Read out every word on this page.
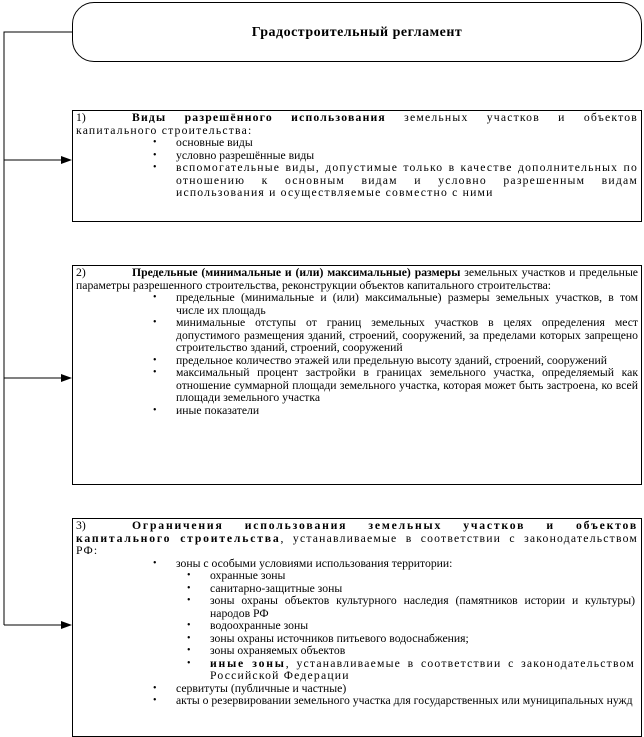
Градостроительный регламент

1)	Виды разрешённого использования земельных участков и объектов капитального строительства:

• основные виды
• условно разрешённые виды
• вспомогательные виды, допустимые только в качестве дополнительных по отношению к основным видам и условно разрешенным видам использования и осуществляемые совместно с ними

2)	Предельные (минимальные и (или) максимальные) размеры земельных участков и предельные параметры разрешенного строительства, реконструкции объектов капитального строительства:

• предельные (минимальные и (или) максимальные) размеры земельных участков, в том числе их площадь
• минимальные отступы от границ земельных участков в целях определения мест допустимого размещения зданий, строений, сооружений, за пределами которых запрещено строительство зданий, строений, сооружений
• предельное количество этажей или предельную высоту зданий, строений, сооружений
• максимальный процент застройки в границах земельного участка, определяемый как отношение суммарной площади земельного участка, которая может быть застроена, ко всей площади земельного участка
• иные показатели

3)	Ограничения использования земельных участков и объектов капитального строительства, устанавливаемые в соответствии с законодательством РФ:

• зоны с особыми условиями использования территории:
• охранные зоны
• санитарно-защитные зоны
• зоны охраны объектов культурного наследия (памятников истории и культуры) народов РФ
• водоохранные зоны
• зоны охраны источников питьевого водоснабжения;
• зоны охраняемых объектов
• иные зоны, устанавливаемые в соответствии с законодательством Российской Федерации
• сервитуты (публичные и частные)
• акты о резервировании земельного участка для государственных или муниципальных нужд
